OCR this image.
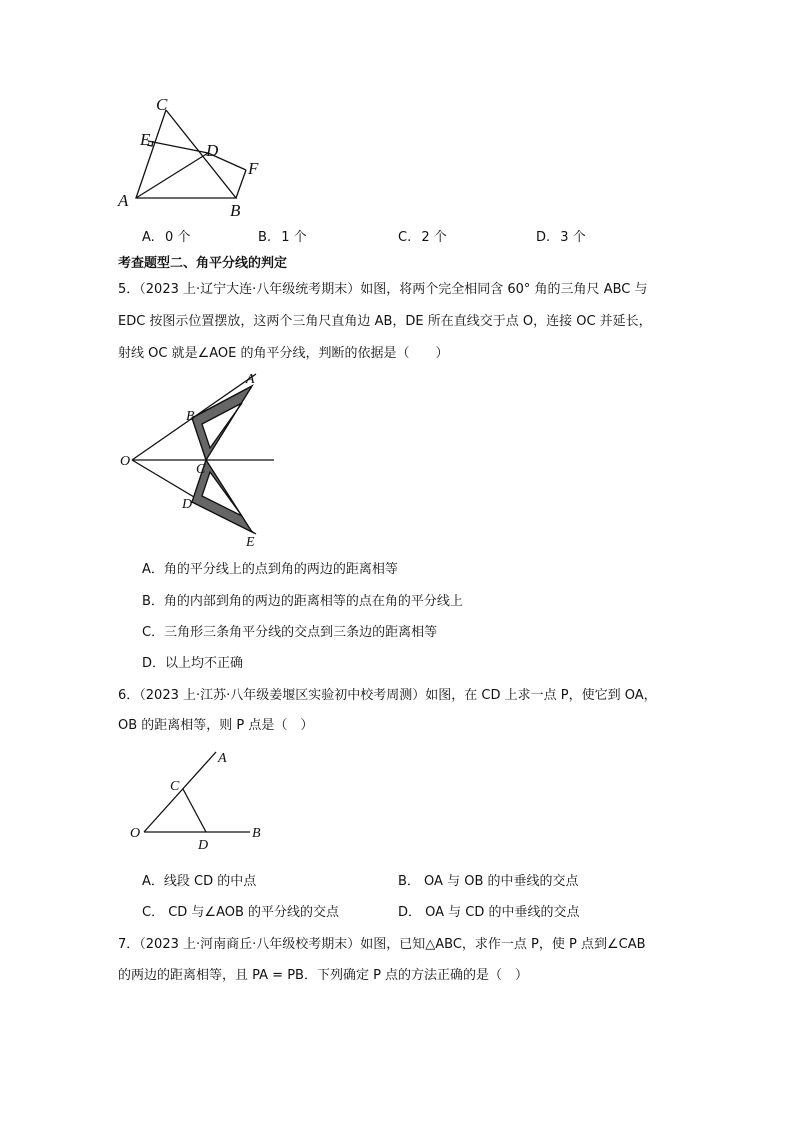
C
E
D
F
A
B
A. 0 个	B. 1 个	C. 2 个	D. 3 个
考查题型二、角平分线的判定
5．（2023 上·辽宁大连·八年级统考期末）如图，将两个完全相同含 60° 角的三角尺 ABC 与
EDC 按图示位置摆放，这两个三角尺直角边 AB，DE 所在直线交于点 O，连接 OC 并延长，
射线 OC 就是∠AOE 的角平分线，判断的依据是（　　）
A
B
O
C
D
E
A．角的平分线上的点到角的两边的距离相等
B．角的内部到角的两边的距离相等的点在角的平分线上
C．三角形三条角平分线的交点到三条边的距离相等
D．以上均不正确
6．（2023 上·江苏·八年级姜堰区实验初中校考周测）如图，在 CD 上求一点 P，使它到 OA，
OB 的距离相等，则 P 点是（　）
A
C
O
D
B
A．线段 CD 的中点	B． OA 与 OB 的中垂线的交点
C． CD 与∠AOB 的平分线的交点	D． OA 与 CD 的中垂线的交点
7．（2023 上·河南商丘·八年级校考期末）如图，已知△ABC，求作一点 P，使 P 点到∠CAB
的两边的距离相等，且 PA = PB．下列确定 P 点的方法正确的是（　）
